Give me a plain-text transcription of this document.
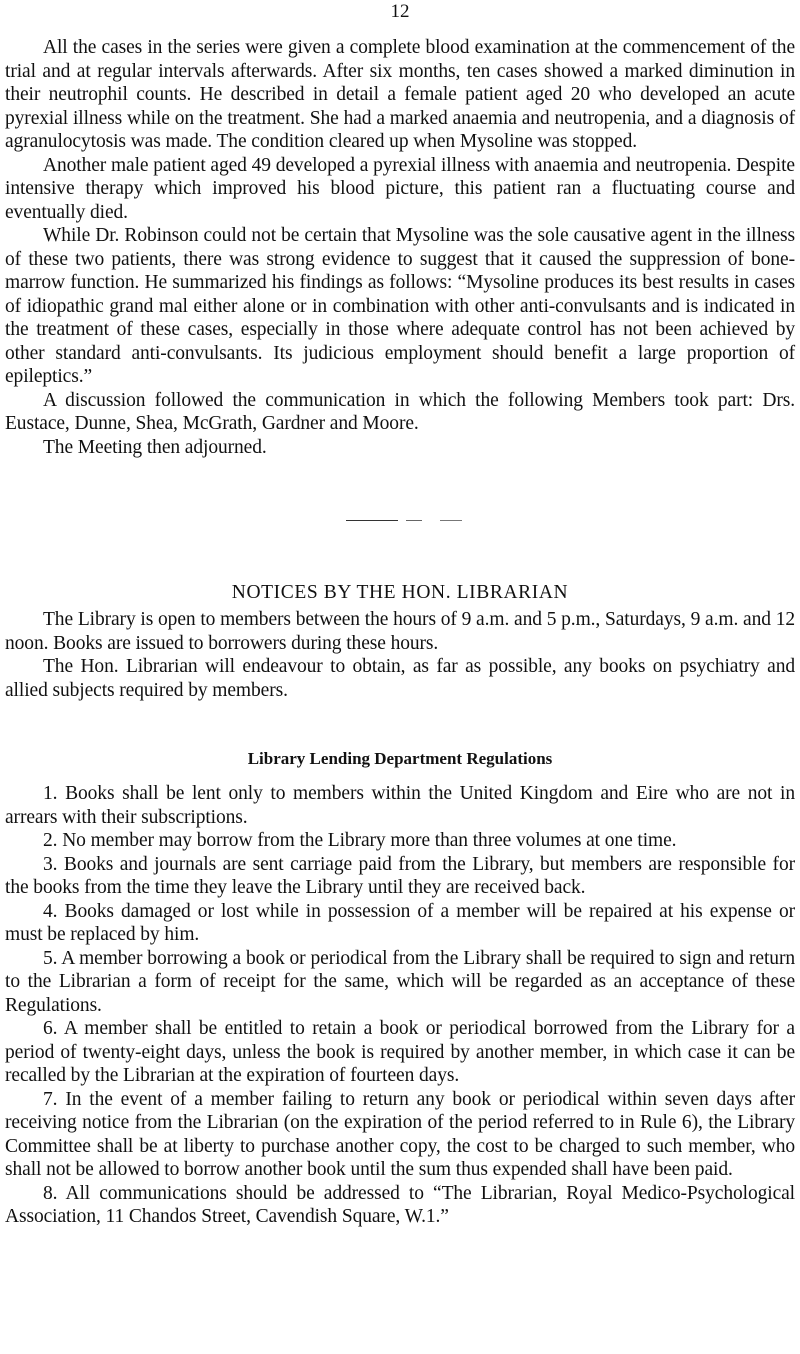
12

All the cases in the series were given a complete blood examination at the commencement of the trial and at regular intervals afterwards. After six months, ten cases showed a marked diminution in their neutrophil counts. He described in detail a female patient aged 20 who developed an acute pyrexial illness while on the treatment. She had a marked anaemia and neutropenia, and a diagnosis of agranulocytosis was made. The condition cleared up when Mysoline was stopped.

Another male patient aged 49 developed a pyrexial illness with anaemia and neutropenia. Despite intensive therapy which improved his blood picture, this patient ran a fluctuating course and eventually died.

While Dr. Robinson could not be certain that Mysoline was the sole causative agent in the illness of these two patients, there was strong evidence to suggest that it caused the suppression of bone-marrow function. He summarized his findings as follows: “Mysoline produces its best results in cases of idiopathic grand mal either alone or in combination with other anti-convulsants and is indicated in the treatment of these cases, especially in those where adequate control has not been achieved by other standard anti-convulsants. Its judicious employment should benefit a large proportion of epileptics.”

A discussion followed the communication in which the following Members took part: Drs. Eustace, Dunne, Shea, McGrath, Gardner and Moore.

The Meeting then adjourned.

NOTICES BY THE HON. LIBRARIAN

The Library is open to members between the hours of 9 a.m. and 5 p.m., Saturdays, 9 a.m. and 12 noon. Books are issued to borrowers during these hours.

The Hon. Librarian will endeavour to obtain, as far as possible, any books on psychiatry and allied subjects required by members.

Library Lending Department Regulations

1. Books shall be lent only to members within the United Kingdom and Eire who are not in arrears with their subscriptions.

2. No member may borrow from the Library more than three volumes at one time.

3. Books and journals are sent carriage paid from the Library, but members are responsible for the books from the time they leave the Library until they are received back.

4. Books damaged or lost while in possession of a member will be repaired at his expense or must be replaced by him.

5. A member borrowing a book or periodical from the Library shall be required to sign and return to the Librarian a form of receipt for the same, which will be regarded as an acceptance of these Regulations.

6. A member shall be entitled to retain a book or periodical borrowed from the Library for a period of twenty-eight days, unless the book is required by another member, in which case it can be recalled by the Librarian at the expiration of fourteen days.

7. In the event of a member failing to return any book or periodical within seven days after receiving notice from the Librarian (on the expiration of the period referred to in Rule 6), the Library Committee shall be at liberty to purchase another copy, the cost to be charged to such member, who shall not be allowed to borrow another book until the sum thus expended shall have been paid.

8. All communications should be addressed to “The Librarian, Royal Medico-Psychological Association, 11 Chandos Street, Cavendish Square, W.1.”
